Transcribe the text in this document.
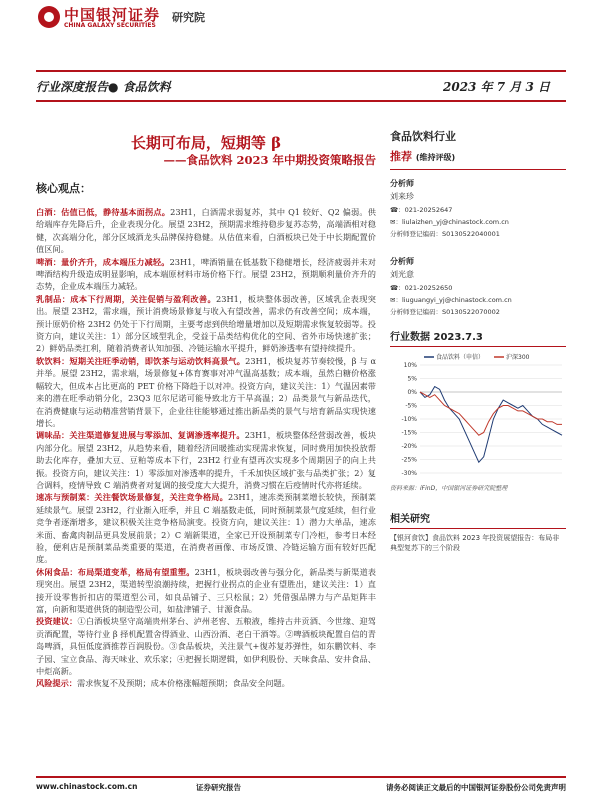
中国银河证券
CHINA GALAXY SECURITIES
研究院
行业深度报告● 食品饮料	2023 年 7 月 3 日
长期可布局，短期等 β
——食品饮料 2023 年中期投资策略报告
核心观点：
白酒：估值已低，静待基本面拐点。23H1，白酒需求弱复苏，其中 Q1 较好、Q2 偏弱。供给端库存先降后升，企业表现分化。展望 23H2，预期需求维持稳步复苏态势，高端酒相对稳健，次高端分化，部分区域酒龙头品牌保持稳健。从估值来看，白酒板块已处于中长期配置价值区间。
啤酒：量价齐升，成本端压力减轻。23H1，啤酒销量在低基数下稳健增长，经济疲弱并未对啤酒结构升级造成明显影响，成本端原材料市场价格下行。展望 23H2，预期顺利量价齐升的态势，企业成本端压力减轻。
乳制品：成本下行周期，关注促销与盈利改善。23H1，板块整体弱改善，区域乳企表现突出。展望 23H2，需求端，预计消费场景修复与收入有望改善，需求仍有改善空间；成本端，预计原奶价格 23H2 仍处于下行周期，主要考虑到供给增量增加以及短期需求恢复较弱等。投资方向，建议关注：1）部分区域型乳企，受益于品类结构优化的空间、省外市场快速扩张；2）鲜奶品类扛利，随着消费者认知加强、冷链运输水平提升，鲜奶渗透率有望持续提升。
软饮料：短期关注旺季动销，即饮茶与运动饮料高景气。23H1，板块复苏节奏较慢，β 与 α 并举。展望 23H2，需求端，场景修复+体育赛事对冲气温高基数；成本端，虽然白糖价格涨幅较大，但成本占比更高的 PET 价格下降趋于以对冲。投资方向，建议关注：1）气温因素带来的潜在旺季动销分化，23Q3 厄尔尼诺可能导致北方干旱高温；2）品类景气与新品迭代，在消费健康与运动精准营销背景下，企业往往能够通过推出新品类的景气与培育新品实现快速增长。
调味品：关注渠道修复进展与零添加、复调渗透率提升。23H1，板块整体经营弱改善，板块内部分化。展望 23H2，从趋势来看，随着经济回暖推动实现需求恢复，同时费用加快投放帮助去化库存，叠加大豆、豆粕等成本下行，23H2 行业有望再次实现多个周期因子的向上共振。投资方向，建议关注：1）零添加对渗透率的提升，千禾加快区域扩张与品类扩张；2）复合调料，疫情导致 C 端消费者对复调的接受度大大提升，消费习惯在后疫情时代亦将延续。
速冻与预制菜：关注餐饮场景修复，关注竞争格局。23H1，速冻类预制菜增长较快，预制菜延续景气。展望 23H2，行业渐入旺季，并且 C 端基数走低，同时预制菜景气度延续，但行业竞争者逐渐增多，建议积极关注竞争格局演变。投资方向，建议关注：1）潜力大单品，速冻米面、畜禽肉制品更具发展前景；2）C 端新渠道，全家已开设预制菜专门冷柜，参考日本经验，便利店是预制菜品类重要的渠道，在消费者画像、市场反馈、冷链运输方面有较好匹配度。
休闲食品：布局渠道变革，格局有望重塑。23H1，板块弱改善与强分化，新品类与新渠道表现突出。展望 23H2，渠道转型浪潮持续，把握行业拐点的企业有望胜出，建议关注：1）直接开设零售折扣店的渠道型公司，如良品铺子、三只松鼠；2）凭借强品牌力与产品矩阵丰富，向新和渠道供货的制造型公司，如盐津铺子、甘源食品。
投资建议：①白酒板块坚守高端贵州茅台、泸州老窖、五粮液，维持古井贡酒、今世缘、迎驾贡酒配置，等待行业 β 择机配置舍得酒业、山西汾酒、老白干酒等。②啤酒板块配置自信的青岛啤酒，具恒低度酒推荐百润股份。③食品板块，关注景气+復苏复苏弹性，如东鹏饮料、李子园、宝立食品、海天味业、欢乐家；④把握长期逻辑，如伊利股份、天味食品、安井食品、中炬高新。
风险提示：需求恢复不及预期；成本价格涨幅超预期；食品安全问题。
食品饮料行业
推荐 (维持评级)
分析师
刘来珍
☎：021-20252647
✉：liulaizhen_yj@chinastock.com.cn
分析师登记编码：S0130522040001
分析师
刘光意
☎：021-20252650
✉：liuguangyi_yj@chinastock.com.cn
分析师登记编码：S0130522070002
行业数据 2023.7.3
10%
5%
0%
-5%
-10%
-15%
-20%
-25%
-30%
食品饮料（申信）	沪深300
资料来源：iFinD，中国银河证券研究院整理
相关研究
【银河食饮】食品饮料 2023 年投资展望报告：布局非典型复苏下的三个阶段
www.chinastock.com.cn	证券研究报告	请务必阅读正文最后的中国银河证券股份公司免责声明
